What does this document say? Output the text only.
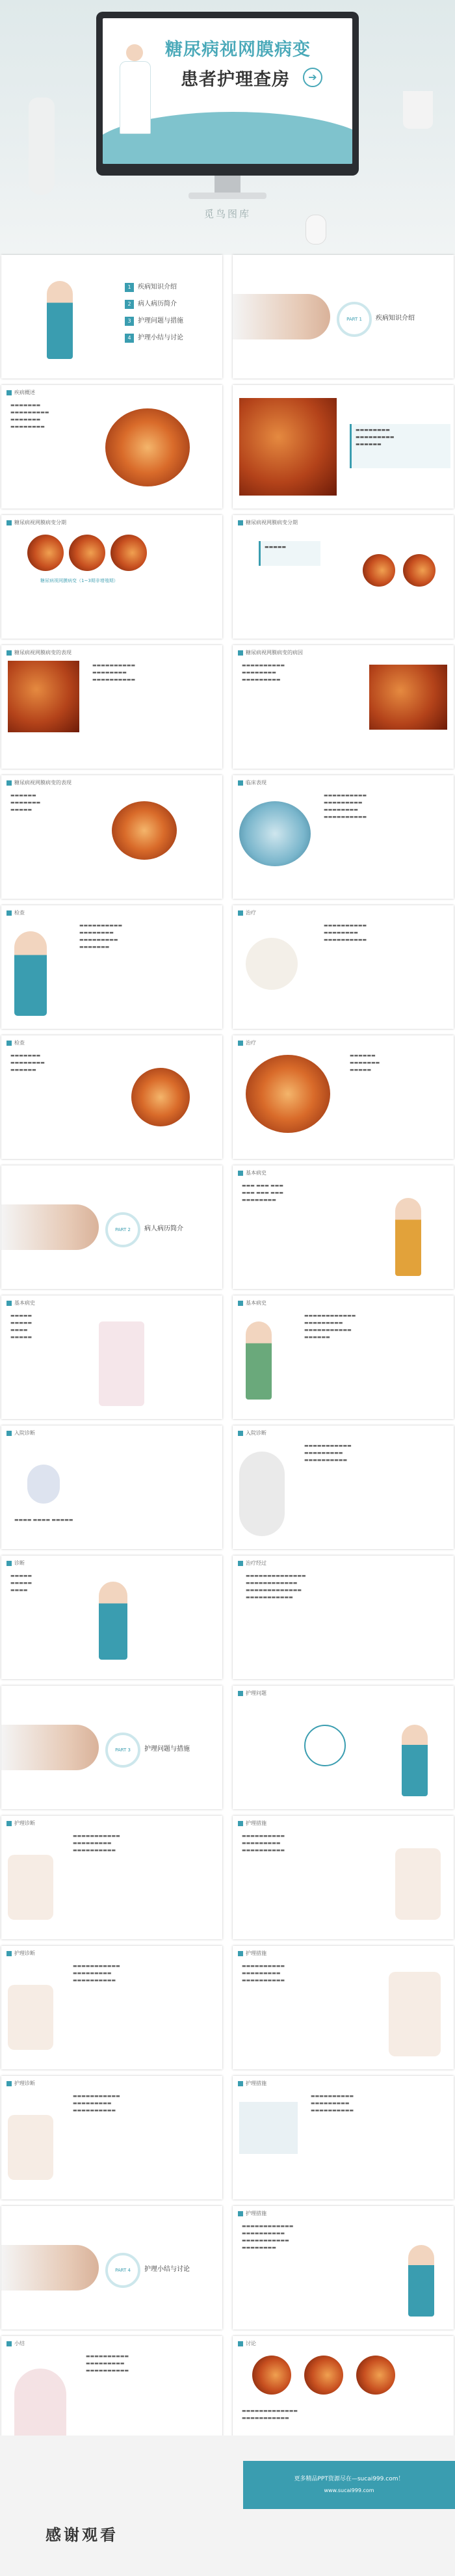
糖尿病视网膜病变
患者护理查房	➔
觅鸟图库
1 疾病知识介绍
2 病人病历简介
3 护理问题与措施
4 护理小结与讨论
PART 1	疾病知识介绍
疾病概述
▬▬▬▬▬▬▬
▬▬▬▬▬▬▬▬▬
▬▬▬▬▬▬▬
▬▬▬▬▬▬▬▬
▬▬▬▬▬▬▬▬
▬▬▬▬▬▬▬▬▬
▬▬▬▬▬▬
糖尿病视网膜病变分期
糖尿病视网膜病变（1~3期非增殖期）
糖尿病视网膜病变分期
▬▬▬▬▬
糖尿病视网膜病变的表现
▬▬▬▬▬▬▬▬▬▬
▬▬▬▬▬▬▬▬
▬▬▬▬▬▬▬▬▬▬
糖尿病视网膜病变的病因
▬▬▬▬▬▬▬▬▬▬
▬▬▬▬▬▬▬▬
▬▬▬▬▬▬▬▬▬
糖尿病视网膜病变的表现
▬▬▬▬▬▬
▬▬▬▬▬▬▬
▬▬▬▬▬
临床表现
▬▬▬▬▬▬▬▬▬▬
▬▬▬▬▬▬▬▬▬
▬▬▬▬▬▬▬▬
▬▬▬▬▬▬▬▬▬▬
检查
▬▬▬▬▬▬▬▬▬▬
▬▬▬▬▬▬▬▬
▬▬▬▬▬▬▬▬▬
▬▬▬▬▬▬▬
治疗
▬▬▬▬▬▬▬▬▬▬
▬▬▬▬▬▬▬▬
▬▬▬▬▬▬▬▬▬▬
检查
▬▬▬▬▬▬▬
▬▬▬▬▬▬▬▬
▬▬▬▬▬▬
治疗
▬▬▬▬▬▬
▬▬▬▬▬▬▬
▬▬▬▬▬
PART 2	病人病历简介
基本病史
▬▬▬ ▬▬▬ ▬▬▬
▬▬▬ ▬▬▬ ▬▬▬
▬▬▬▬▬▬▬▬
基本病史
▬▬▬▬▬
▬▬▬▬▬
▬▬▬▬
▬▬▬▬▬
基本病史
▬▬▬▬▬▬▬▬▬▬▬▬
▬▬▬▬▬▬▬▬▬
▬▬▬▬▬▬▬▬▬▬▬
▬▬▬▬▬▬
入院诊断
▬▬▬▬ ▬▬▬▬ ▬▬▬▬▬
入院诊断
▬▬▬▬▬▬▬▬▬▬▬
▬▬▬▬▬▬▬▬▬
▬▬▬▬▬▬▬▬▬▬
诊断
▬▬▬▬▬
▬▬▬▬▬
▬▬▬▬
治疗经过
▬▬▬▬▬▬▬▬▬▬▬▬▬▬
▬▬▬▬▬▬▬▬▬▬▬▬
▬▬▬▬▬▬▬▬▬▬▬▬▬
▬▬▬▬▬▬▬▬▬▬▬
PART 3	护理问题与措施
护理问题
护理诊断
▬▬▬▬▬▬▬▬▬▬▬
▬▬▬▬▬▬▬▬▬
▬▬▬▬▬▬▬▬▬▬
护理措施
▬▬▬▬▬▬▬▬▬▬
▬▬▬▬▬▬▬▬▬
▬▬▬▬▬▬▬▬▬▬
护理诊断
▬▬▬▬▬▬▬▬▬▬▬
▬▬▬▬▬▬▬▬▬
▬▬▬▬▬▬▬▬▬▬
护理措施
▬▬▬▬▬▬▬▬▬▬
▬▬▬▬▬▬▬▬▬
▬▬▬▬▬▬▬▬▬▬
护理诊断
▬▬▬▬▬▬▬▬▬▬▬
▬▬▬▬▬▬▬▬▬
▬▬▬▬▬▬▬▬▬▬
护理措施
▬▬▬▬▬▬▬▬▬▬
▬▬▬▬▬▬▬▬▬
▬▬▬▬▬▬▬▬▬▬
PART 4	护理小结与讨论
护理措施
▬▬▬▬▬▬▬▬▬▬▬▬
▬▬▬▬▬▬▬▬▬▬
▬▬▬▬▬▬▬▬▬▬▬
▬▬▬▬▬▬▬▬
小结
▬▬▬▬▬▬▬▬▬▬
▬▬▬▬▬▬▬▬▬
▬▬▬▬▬▬▬▬▬▬
讨论
▬▬▬▬▬▬▬▬▬▬▬▬▬
▬▬▬▬▬▬▬▬▬▬▬
更多精品PPT资源尽在—sucai999.com！
www.sucai999.com
感谢观看
